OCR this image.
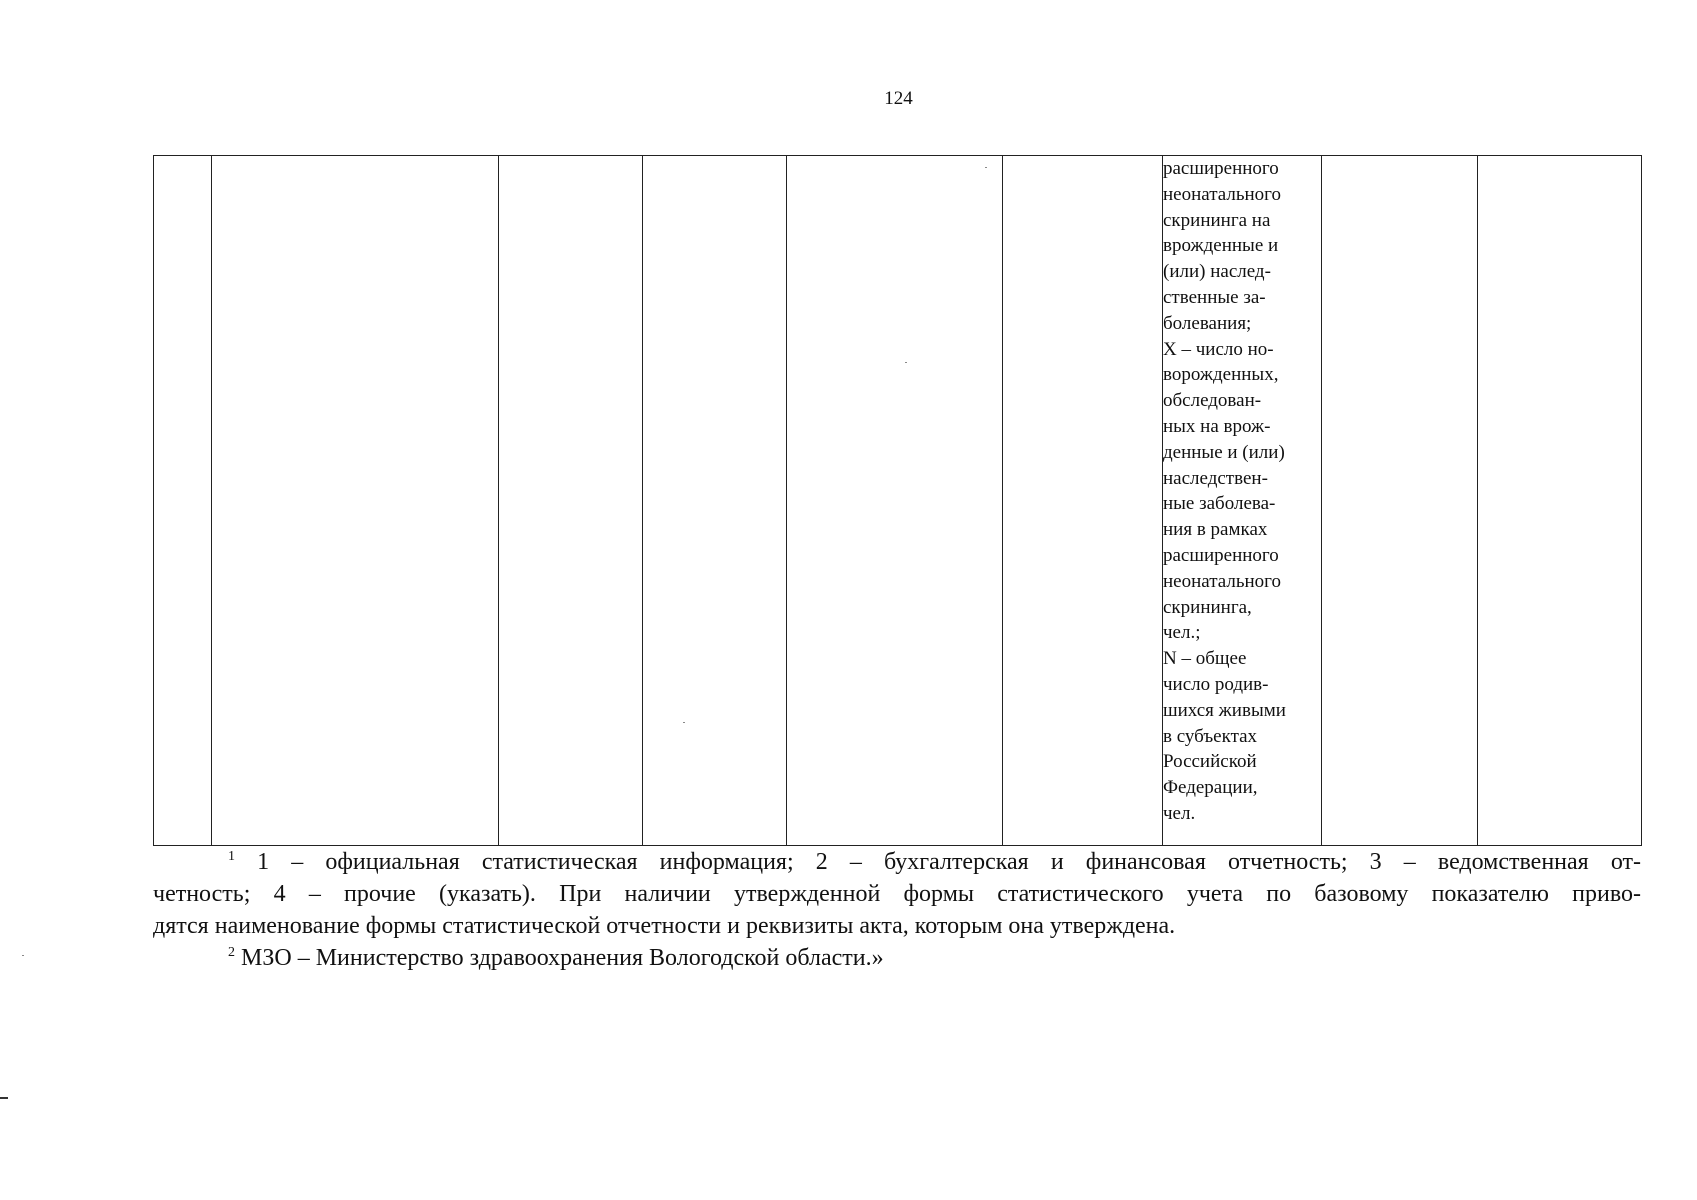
124

расширенного
неонатального
скрининга на
врожденные и
(или) наслед-
ственные за-
болевания;
X – число но-
ворожденных,
обследован-
ных на врож-
денные и (или)
наследствен-
ные заболева-
ния в рамках
расширенного
неонатального
скрининга,
чел.;
N – общее
число родив-
шихся живыми
в субъектах
Российской
Федерации,
чел.

$^1$ 1 – официальная статистическая информация; 2 – бухгалтерская и финансовая отчетность; 3 – ведомственная от-
четность; 4 – прочие (указать). При наличии утвержденной формы статистического учета по базовому показателю приво-
дятся наименование формы статистической отчетности и реквизиты акта, которым она утверждена.
$^2$ МЗО – Министерство здравоохранения Вологодской области.»
